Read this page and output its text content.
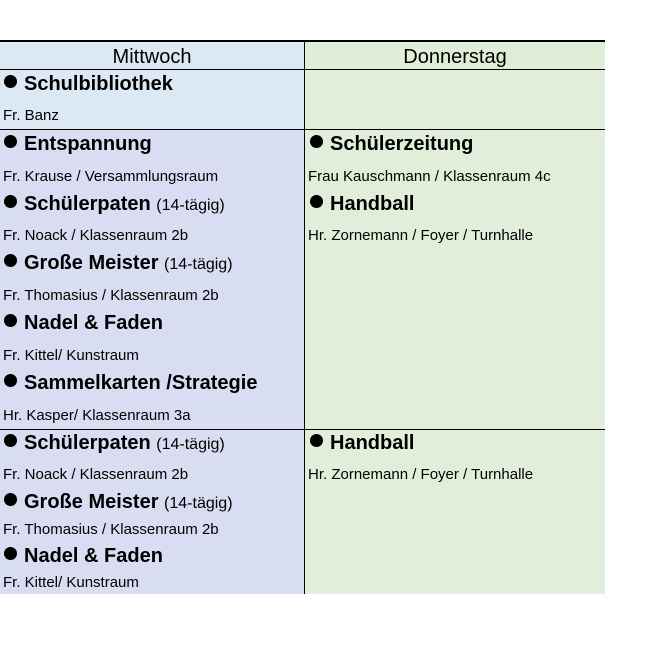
Mittwoch	Donnerstag
Schulbibliothek
Fr. Banz
Entspannung
Fr. Krause / Versammlungsraum
Schülerpaten (14-tägig)
Fr. Noack / Klassenraum 2b
Große Meister (14-tägig)
Fr. Thomasius / Klassenraum 2b
Nadel & Faden
Fr. Kittel/ Kunstraum
Sammelkarten /Strategie
Hr. Kasper/ Klassenraum 3a
Schülerpaten (14-tägig)
Fr. Noack / Klassenraum 2b
Große Meister (14-tägig)
Fr. Thomasius / Klassenraum 2b
Nadel & Faden
Fr. Kittel/ Kunstraum
Schülerzeitung
Frau Kauschmann / Klassenraum 4c
Handball
Hr. Zornemann / Foyer / Turnhalle
Handball
Hr. Zornemann / Foyer / Turnhalle
